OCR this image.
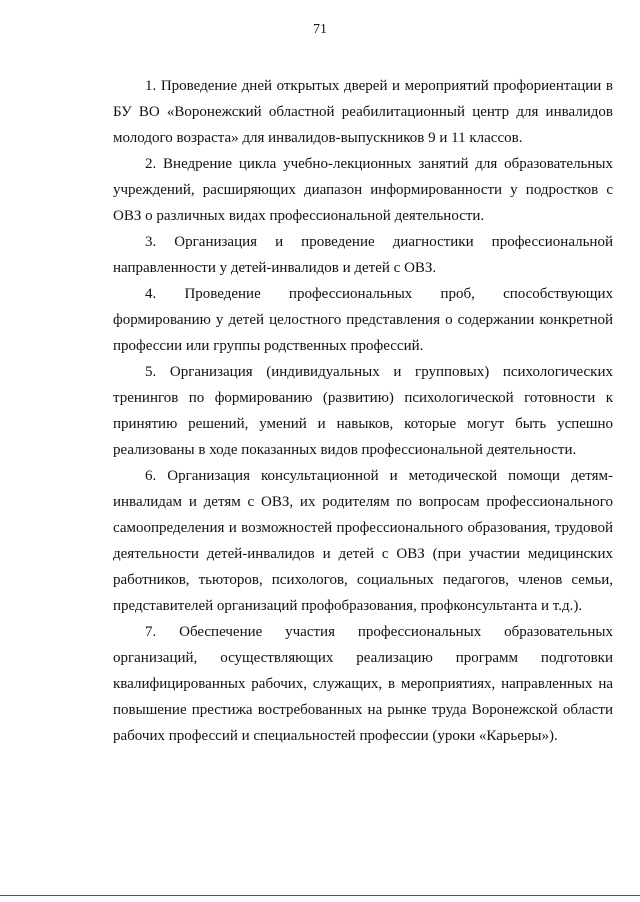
71

1. Проведение дней открытых дверей и мероприятий профориентации в БУ ВО «Воронежский областной реабилитационный центр для инвалидов молодого возраста» для инвалидов-выпускников 9 и 11 классов.

2. Внедрение цикла учебно-лекционных занятий для образовательных учреждений, расширяющих диапазон информированности у подростков с ОВЗ о различных видах профессиональной деятельности.

3. Организация и проведение диагностики профессиональной направленности у детей-инвалидов и детей с ОВЗ.

4. Проведение профессиональных проб, способствующих формированию у детей целостного представления о содержании конкретной профессии или группы родственных профессий.

5. Организация (индивидуальных и групповых) психологических тренингов по формированию (развитию) психологической готовности к принятию решений, умений и навыков, которые могут быть успешно реализованы в ходе показанных видов профессиональной деятельности.

6. Организация консультационной и методической помощи детям-инвалидам и детям с ОВЗ, их родителям по вопросам профессионального самоопределения и возможностей профессионального образования, трудовой деятельности детей-инвалидов и детей с ОВЗ (при участии медицинских работников, тьюторов, психологов, социальных педагогов, членов семьи, представителей организаций профобразования, профконсультанта и т.д.).

7. Обеспечение участия профессиональных образовательных организаций, осуществляющих реализацию программ подготовки квалифицированных рабочих, служащих, в мероприятиях, направленных на повышение престижа востребованных на рынке труда Воронежской области рабочих профессий и специальностей профессии (уроки «Карьеры»).
